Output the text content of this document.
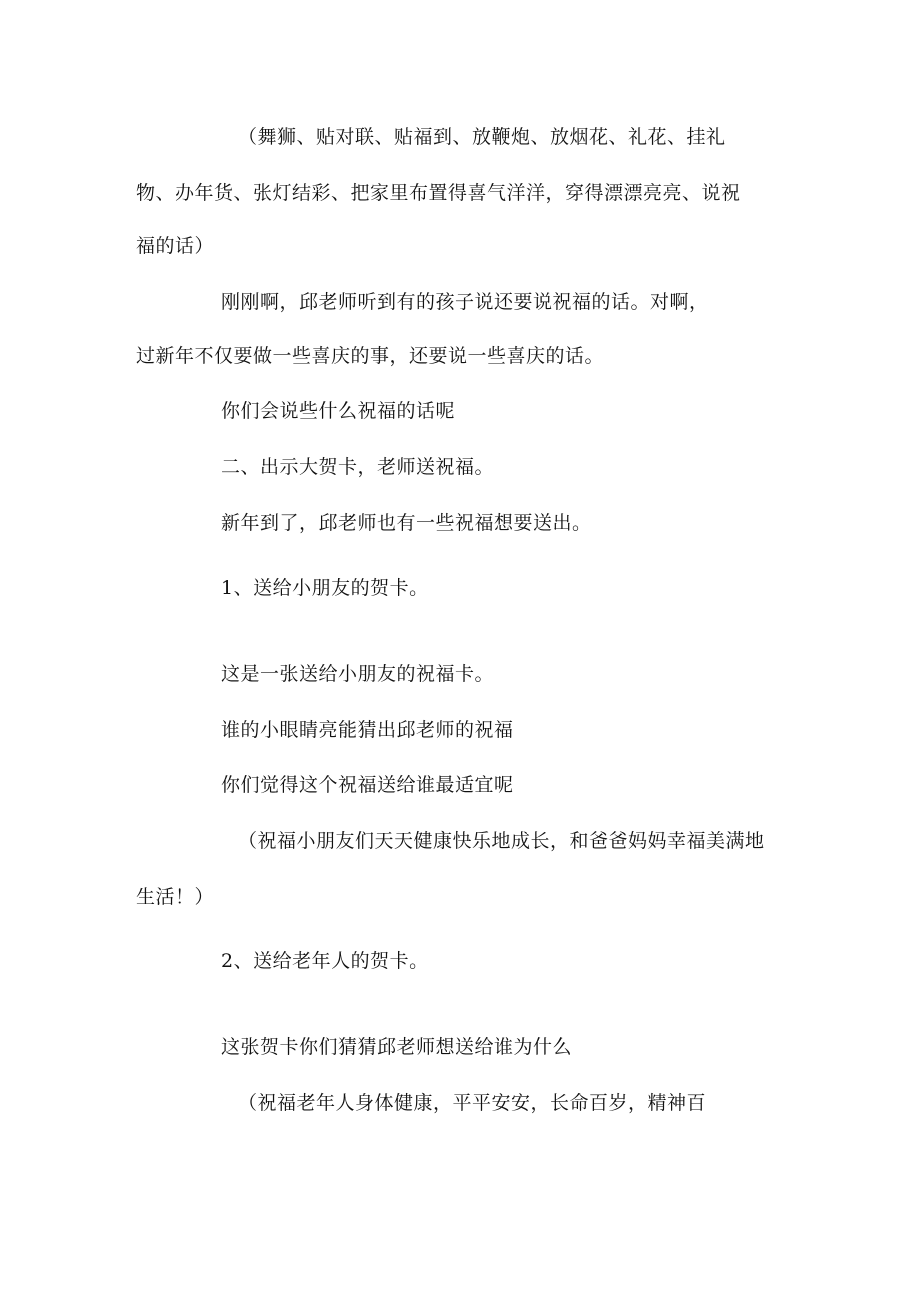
（舞狮、贴对联、贴福到、放鞭炮、放烟花、礼花、挂礼

物、办年货、张灯结彩、把家里布置得喜气洋洋，穿得漂漂亮亮、说祝

福的话）

刚刚啊，邱老师听到有的孩子说还要说祝福的话。对啊，

过新年不仅要做一些喜庆的事，还要说一些喜庆的话。

你们会说些什么祝福的话呢

二、出示大贺卡，老师送祝福。

新年到了，邱老师也有一些祝福想要送出。

1、送给小朋友的贺卡。

这是一张送给小朋友的祝福卡。

谁的小眼睛亮能猜出邱老师的祝福

你们觉得这个祝福送给谁最适宜呢

（祝福小朋友们天天健康快乐地成长，和爸爸妈妈幸福美满地

生活！）

2、送给老年人的贺卡。

这张贺卡你们猜猜邱老师想送给谁为什么

（祝福老年人身体健康，平平安安，长命百岁，精神百
